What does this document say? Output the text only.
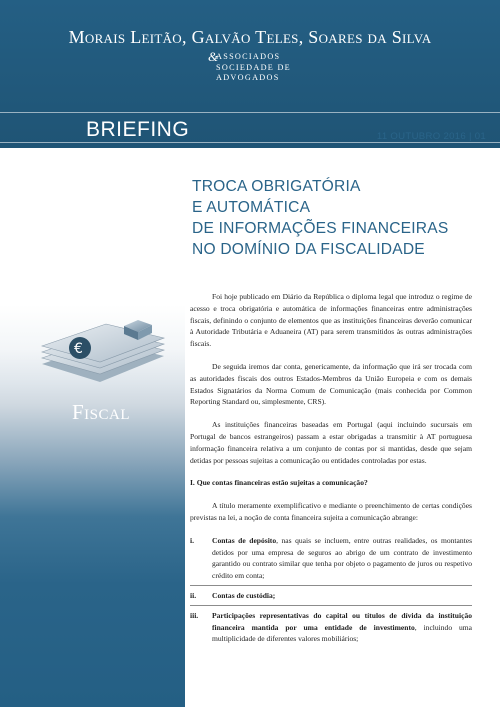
Morais Leitão, Galvão Teles, Soares da Silva
&
ASSOCIADOS
SOCIEDADE DE
ADVOGADOS
BRIEFING	11 OUTUBRO 2016 | 01
€
Fiscal
TROCA OBRIGATÓRIA
E AUTOMÁTICA
DE INFORMAÇÕES FINANCEIRAS
NO DOMÍNIO DA FISCALIDADE

Foi hoje publicado em Diário da República o diploma legal que introduz o regime de acesso e troca obrigatória e automática de informações financeiras entre administrações fiscais, definindo o conjunto de elementos que as instituições financeiras deverão comunicar à Autoridade Tributária e Aduaneira (AT) para serem transmitidos às outras administrações fiscais.

De seguida iremos dar conta, genericamente, da informação que irá ser trocada com as autoridades fiscais dos outros Estados-Membros da União Europeia e com os demais Estados Signatários da Norma Comum de Comunicação (mais conhecida por Common Reporting Standard ou, simplesmente, CRS).

As instituições financeiras baseadas em Portugal (aqui incluindo sucursais em Portugal de bancos estrangeiros) passam a estar obrigadas a transmitir à AT portuguesa informação financeira relativa a um conjunto de contas por si mantidas, desde que sejam detidas por pessoas sujeitas a comunicação ou entidades controladas por estas.

I. Que contas financeiras estão sujeitas a comunicação?

A título meramente exemplificativo e mediante o preenchimento de certas condições previstas na lei, a noção de conta financeira sujeita a comunicação abrange:

i. Contas de depósito, nas quais se incluem, entre outras realidades, os montantes detidos por uma empresa de seguros ao abrigo de um contrato de investimento garantido ou contrato similar que tenha por objeto o pagamento de juros ou respetivo crédito em conta;
ii. Contas de custódia;
iii. Participações representativas do capital ou títulos de dívida da instituição financeira mantida por uma entidade de investimento, incluindo uma multiplicidade de diferentes valores mobiliários;
